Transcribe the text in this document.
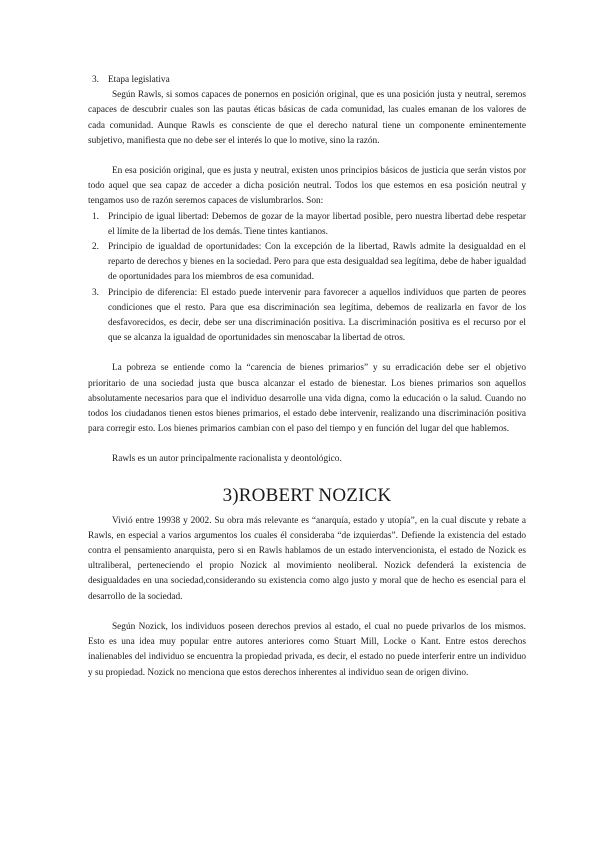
3. Etapa legislativa

Según Rawls, si somos capaces de ponernos en posición original, que es una posición justa y neutral, seremos capaces de descubrir cuales son las pautas éticas básicas de cada comunidad, las cuales emanan de los valores de cada comunidad. Aunque Rawls es consciente de que el derecho natural tiene un componente eminentemente subjetivo, manifiesta que no debe ser el interés lo que lo motive, sino la razón.

En esa posición original, que es justa y neutral, existen unos principios básicos de justicia que serán vistos por todo aquel que sea capaz de acceder a dicha posición neutral. Todos los que estemos en esa posición neutral y tengamos uso de razón seremos capaces de vislumbrarlos. Son:

1. Principio de igual libertad: Debemos de gozar de la mayor libertad posible, pero nuestra libertad debe respetar el límite de la libertad de los demás. Tiene tintes kantianos.
2. Principio de igualdad de oportunidades: Con la excepción de la libertad, Rawls admite la desigualdad en el reparto de derechos y bienes en la sociedad. Pero para que esta desigualdad sea legítima, debe de haber igualdad de oportunidades para los miembros de esa comunidad.
3. Principio de diferencia: El estado puede intervenir para favorecer a aquellos individuos que parten de peores condiciones que el resto. Para que esa discriminación sea legítima, debemos de realizarla en favor de los desfavorecidos, es decir, debe ser una discriminación positiva. La discriminación positiva es el recurso por el que se alcanza la igualdad de oportunidades sin menoscabar la libertad de otros.

La pobreza se entiende como la “carencia de bienes primarios” y su erradicación debe ser el objetivo prioritario de una sociedad justa que busca alcanzar el estado de bienestar. Los bienes primarios son aquellos absolutamente necesarios para que el individuo desarrolle una vida digna, como la educación o la salud. Cuando no todos los ciudadanos tienen estos bienes primarios, el estado debe intervenir, realizando una discriminación positiva para corregir esto. Los bienes primarios cambian con el paso del tiempo y en función del lugar del que hablemos.

Rawls es un autor principalmente racionalista y deontológico.

3)ROBERT NOZICK

Vivió entre 19938 y 2002. Su obra más relevante es “anarquía, estado y utopía”, en la cual discute y rebate a Rawls, en especial a varios argumentos los cuales él consideraba “de izquierdas”. Defiende la existencia del estado contra el pensamiento anarquista, pero si en Rawls hablamos de un estado intervencionista, el estado de Nozick es ultraliberal, perteneciendo el propio Nozick al movimiento neoliberal. Nozick defenderá la existencia de desigualdades en una sociedad,considerando su existencia como algo justo y moral que de hecho es esencial para el desarrollo de la sociedad.

Según Nozick, los individuos poseen derechos previos al estado, el cual no puede privarlos de los mismos. Esto es una idea muy popular entre autores anteriores como Stuart Mill, Locke o Kant. Entre estos derechos inalienables del individuo se encuentra la propiedad privada, es decir, el estado no puede interferir entre un individuo y su propiedad. Nozick no menciona que estos derechos inherentes al individuo sean de origen divino.
